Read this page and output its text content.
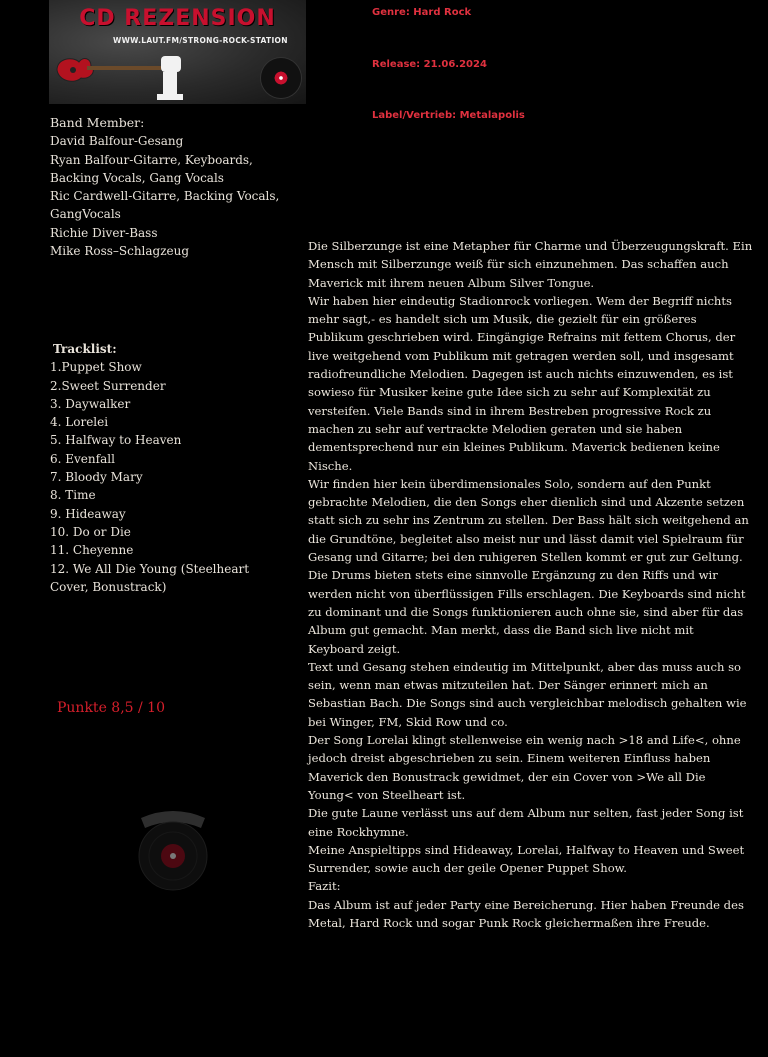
CD REZENSION
WWW.LAUT.FM/STRONG-ROCK-STATION
Genre: Hard Rock
Release: 21.06.2024
Label/Vertrieb: Metalapolis
Band Member:
David Balfour-Gesang
Ryan Balfour-Gitarre, Keyboards, Backing Vocals, Gang Vocals
Ric Cardwell-Gitarre, Backing Vocals, GangVocals
Richie Diver-Bass
Mike Ross–Schlagzeug
Tracklist:
1.Puppet Show
2.Sweet Surrender
3. Daywalker
4. Lorelei
5. Halfway to Heaven
6. Evenfall
7. Bloody Mary
8. Time
9. Hideaway
10. Do or Die
11. Cheyenne
12. We All Die Young (Steelheart Cover, Bonustrack)
Punkte 8,5 / 10

Die Silberzunge ist eine Metapher für Charme und Überzeugungskraft. Ein Mensch mit Silberzunge weiß für sich einzunehmen. Das schaffen auch Maverick mit ihrem neuen Album Silver Tongue.

Wir haben hier eindeutig Stadionrock vorliegen. Wem der Begriff nichts mehr sagt,- es handelt sich um Musik, die gezielt für ein größeres Publikum geschrieben wird. Eingängige Refrains mit fettem Chorus, der live weitgehend vom Publikum mit getragen werden soll, und insgesamt radiofreundliche Melodien. Dagegen ist auch nichts einzuwenden, es ist sowieso für Musiker keine gute Idee sich zu sehr auf Komplexität zu versteifen. Viele Bands sind in ihrem Bestreben progressive Rock zu machen zu sehr auf vertrackte Melodien geraten und sie haben dementsprechend nur ein kleines Publikum. Maverick bedienen keine Nische.

Wir finden hier kein überdimensionales Solo, sondern auf den Punkt gebrachte Melodien, die den Songs eher dienlich sind und Akzente setzen statt sich zu sehr ins Zentrum zu stellen. Der Bass hält sich weitgehend an die Grundtöne, begleitet also meist nur und lässt damit viel Spielraum für Gesang und Gitarre; bei den ruhigeren Stellen kommt er gut zur Geltung. Die Drums bieten stets eine sinnvolle Ergänzung zu den Riffs und wir werden nicht von überflüssigen Fills erschlagen. Die Keyboards sind nicht zu dominant und die Songs funktionieren auch ohne sie, sind aber für das Album gut gemacht. Man merkt, dass die Band sich live nicht mit Keyboard zeigt.

Text und Gesang stehen eindeutig im Mittelpunkt, aber das muss auch so sein, wenn man etwas mitzuteilen hat. Der Sänger erinnert mich an Sebastian Bach. Die Songs sind auch vergleichbar melodisch gehalten wie bei Winger, FM, Skid Row und co.

Der Song Lorelai klingt stellenweise ein wenig nach >18 and Life<, ohne jedoch dreist abgeschrieben zu sein. Einem weiteren Einfluss haben Maverick den Bonustrack gewidmet, der ein Cover von >We all Die Young< von Steelheart ist.

Die gute Laune verlässt uns auf dem Album nur selten, fast jeder Song ist eine Rockhymne.

Meine Anspieltipps sind Hideaway, Lorelai, Halfway to Heaven und Sweet Surrender, sowie auch der geile Opener Puppet Show.

Fazit:

Das Album ist auf jeder Party eine Bereicherung. Hier haben Freunde des Metal, Hard Rock und sogar Punk Rock gleichermaßen ihre Freude.
